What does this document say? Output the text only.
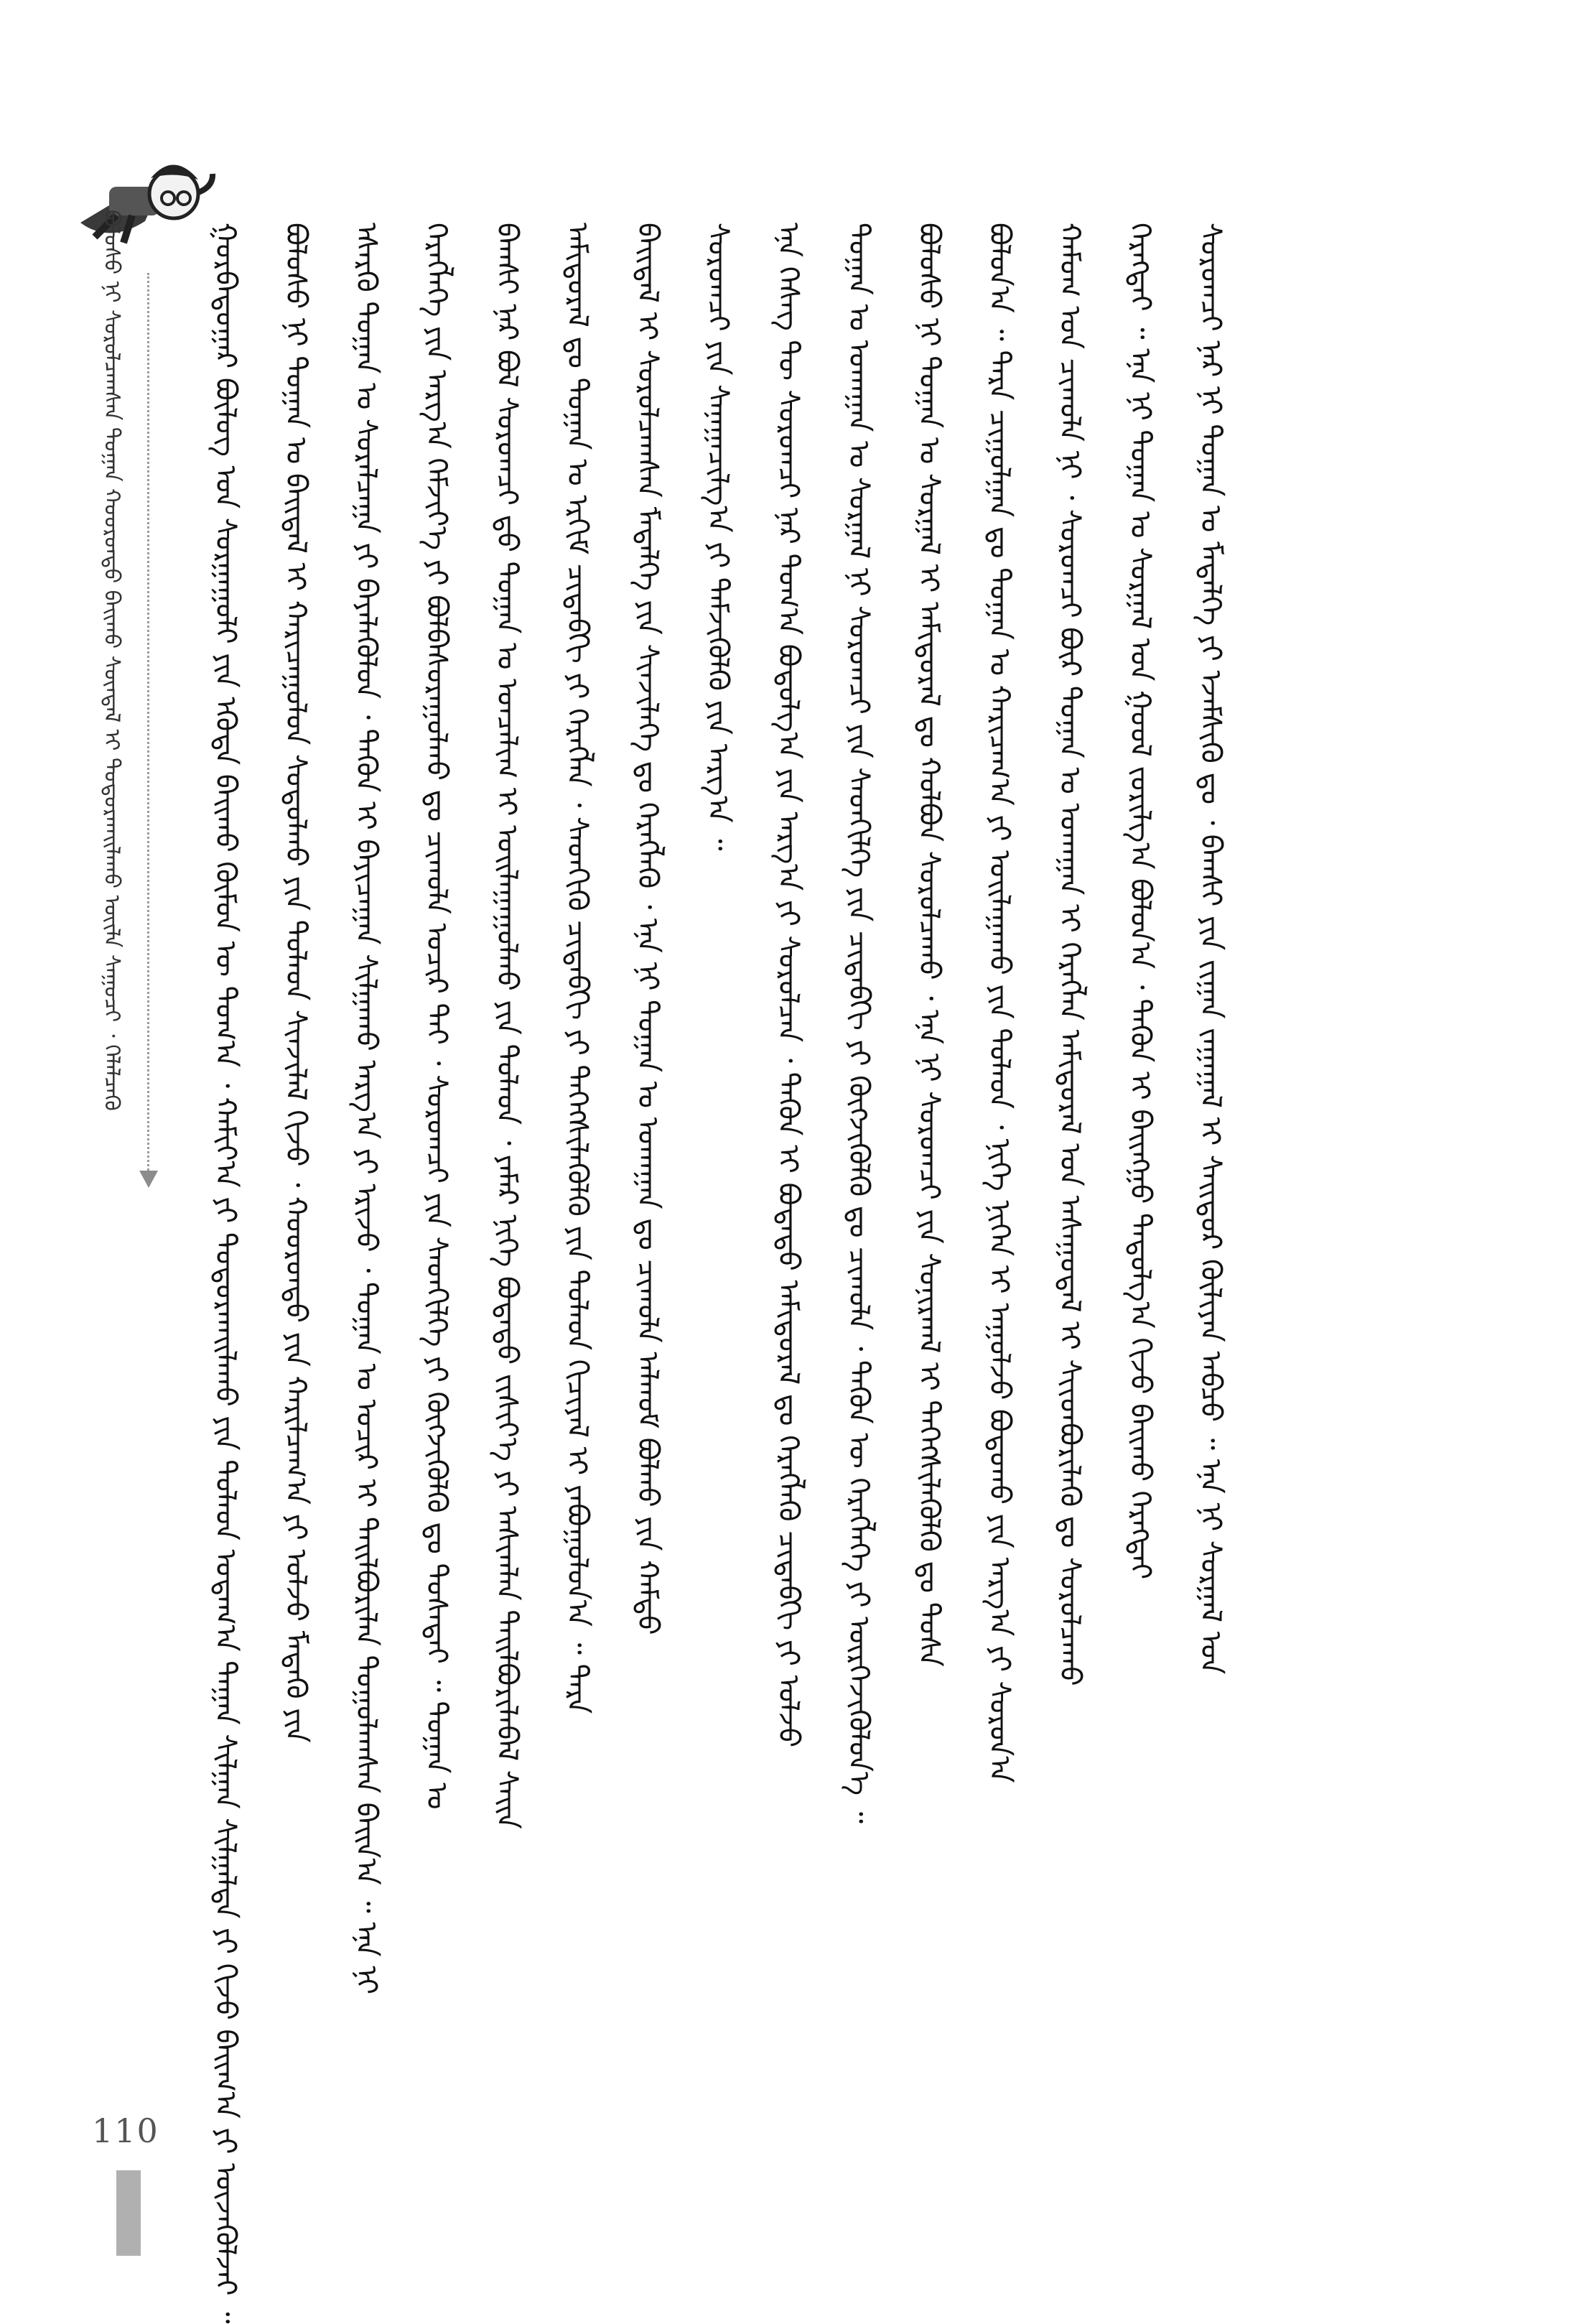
ᠪᠣᠯᠣᠰᠤ ᠨᠢ ᠰᠤᠷᠤᠯᠴᠠᠭᠰᠠᠨ ᠲᠣᠭᠠᠨ ᠬᠣᠣᠷᠣᠨᠳᠣ ᠪᠠᠢᠬᠤ ᠰᠦᠨᠳᠡᠯ ᠢ ᠲᠣᠳᠣᠷᠬᠠᠢᠯᠠᠬᠤ ᠦᠢᠯᠡ ᠰᠠᠭᠤᠴᠢ ᠂ ᠬᠡᠯᠡᠯᠴᠡᠬᠦ	ᠭᠤᠷᠪᠠᠳᠤᠭᠠᠷ ᠪᠦᠯᠦᠭ ᠤᠨ ᠰᠤᠷᠭᠠᠭᠤᠯᠢ ᠶᠢᠨ ᠡᠭᠦᠳᠡ ᠪᠠᠢᠬᠤ ᠬᠦᠮᠦᠨ ᠦ ᠲᠣᠭ᠎ᠠ ᠂ ᠬᠠᠮᠢᠶ᠎ᠠ ᠶᠢ ᠲᠣᠳᠣᠷᠬᠠᠢᠯᠠᠬᠤ ᠶᠢᠨ ᠲᠤᠯᠠᠳ ᠤᠳᠠᠭ᠎ᠠ ᠲᠠᠭᠠᠨ ᠰᠢᠯᠭᠠᠨ ᠰᠢᠯᠭᠠᠯᠲᠠ ᠶᠢ ᠬᠢᠵᠦ ᠪᠠᠢᠭ᠎ᠠ ᠶᠢ ᠦᠵᠡᠭᠦᠯᠵᠡᠢ ᠃ ᠪᠣᠯᠣᠰᠤ ᠨᠢ ᠲᠣᠭᠠᠨ ᠤ ᠪᠠᠢᠳᠠᠯ ᠢ ᠬᠠᠷᠢᠴᠠᠭᠤᠯᠤᠨ ᠰᠤᠳᠤᠯᠬᠤ ᠶᠢᠨ ᠲᠤᠯᠠᠳ ᠰᠢᠨᠵᠢᠯᠡᠯ ᠬᠢᠵᠦ ᠂ ᠬᠣᠣᠷᠣᠨᠳᠣ ᠶᠢᠨ ᠬᠠᠷᠢᠯᠴᠠᠭ᠎ᠠ ᠶᠢ ᠣᠯᠵᠤ ᠮᠡᠳᠡᠬᠦ ᠶᠢᠨ ᠡᠰᠡᠷᠭᠦ ᠲᠣᠭᠠᠨ ᠤ ᠰᠤᠷᠠᠯᠴᠠᠭᠠ ᠶᠢ ᠪᠡᠶᠡᠯᠡᠭᠦᠯᠦᠨ ᠂ ᠲᠡᠭᠦᠨ ᠢ ᠪᠠᠶᠢᠴᠠᠭᠠᠨ ᠰᠢᠯᠭᠠᠬᠤ ᠠᠷᠭ᠎ᠠ ᠶᠢ ᠡᠷᠢᠵᠦ ᠂ ᠲᠣᠭᠠᠨ ᠤ ᠤᠴᠢᠷ ᠢ ᠲᠠᠢᠯᠪᠤᠷᠢᠯᠠᠨ ᠳᠤᠭᠤᠯᠠᠭᠰᠠᠨ ᠪᠠᠢᠨ᠎ᠠ ᠃ ᠡᠨᠡ ᠨᠢ ᠬᠡᠷᠡᠭᠯᠡᠭᠡ ᠶᠢᠨ ᠠᠷᠭ᠎ᠠ ᠬᠡᠮᠵᠢᠶ᠎ᠡ ᠶᠢ ᠪᠣᠯᠪᠠᠰᠤᠷᠠᠭᠤᠯᠬᠤ ᠳᠤ ᠴᠢᠬᠤᠯᠠ ᠤᠴᠢᠷ ᠲᠠᠢ ᠂ ᠰᠤᠷᠤᠭᠴᠢ ᠶᠢᠨ ᠰᠡᠳᠬᠢᠯᠭᠡ ᠶᠢ ᠬᠥᠭᠵᠢᠭᠦᠯᠬᠦ ᠳᠤ ᠲᠤᠰᠠᠲᠠᠢ ᠃ ᠲᠣᠭᠠᠨ ᠤ ᠪᠠᠭᠰᠢ ᠨᠠᠷ ᠪᠣᠯ ᠰᠤᠷᠤᠭᠴᠢ ᠳ᠋ᠤ ᠲᠣᠭᠠᠨ ᠤ ᠣᠨᠴᠠᠯᠢᠭ ᠢ ᠣᠢᠯᠠᠭᠠᠭᠤᠯᠬᠤ ᠶᠢᠨ ᠲᠤᠯᠠᠳ ᠂ ᠶᠠᠮᠠᠷ ᠨᠢᠭᠡ ᠪᠣᠳᠠᠲᠤ ᠵᠢᠱᠢᠶ᠎ᠡ ᠶᠢ ᠠᠰᠢᠭᠯᠠᠨ ᠲᠠᠢᠯᠪᠤᠷᠢᠯᠠᠪᠠᠯ ᠰᠠᠢᠨ ᠠᠮᠢᠳᠤᠷᠠᠯ ᠳᠤ ᠲᠣᠭᠠᠨ ᠤ ᠡᠷᠬᠢᠮ ᠴᠢᠳᠠᠪᠬᠢ ᠶᠢ ᠬᠡᠷᠡᠭᠯᠡᠨ ᠂ ᠰᠡᠳᠬᠢᠬᠦ ᠴᠢᠳᠠᠪᠬᠢ ᠶᠢ ᠳᠡᠭᠡᠭᠰᠢᠯᠡᠭᠦᠯᠬᠦ ᠶᠢᠨ ᠲᠤᠯᠠᠳ ᠬᠢᠴᠢᠶᠡᠯ ᠢ ᠶᠠᠪᠤᠭᠤᠯᠤᠨ᠎ᠠ ᠃ ᠲᠡᠷᠡ ᠪᠠᠢᠳᠠᠯ ᠢ ᠰᠤᠷᠤᠯᠴᠠᠭᠰᠠᠨ ᠮᠡᠳᠡᠯᠭᠡ ᠶᠢᠨ ᠰᠢᠨᠵᠢᠯᠡᠭᠡ ᠳᠤ ᠬᠡᠷᠡᠭᠯᠡᠬᠦ ᠂ ᠡᠨᠡ ᠨᠢ ᠲᠣᠭᠠᠨ ᠤ ᠤᠬᠠᠭᠠᠨ ᠳᠤ ᠴᠢᠬᠤᠯᠠ ᠠᠯᠬᠤᠮ ᠪᠣᠯᠬᠤ ᠶᠢᠨ ᠬᠠᠮᠲᠤ ᠰᠤᠷᠤᠭᠴᠢ ᠶᠢᠨ ᠰᠠᠨᠠᠭᠠᠴᠢᠯᠭ᠎ᠠ ᠶᠢ ᠳᠡᠮᠵᠢᠭᠦᠯᠬᠦ ᠶᠢᠨ ᠠᠷᠭ᠎ᠠ ᠃ ᠡᠨᠡ ᠬᠡᠰᠡᠭ ᠲᠦ ᠰᠤᠷᠤᠭᠴᠢ ᠨᠠᠷ ᠲᠣᠭ᠎ᠠ ᠪᠣᠳᠤᠯᠭ᠎ᠠ ᠶᠢᠨ ᠠᠷᠭ᠎ᠠ ᠶᠢ ᠰᠤᠷᠤᠯᠴᠠᠨ ᠂ ᠲᠡᠭᠦᠨ ᠢ ᠪᠣᠳᠠᠲᠤ ᠠᠮᠢᠳᠤᠷᠠᠯ ᠳᠤ ᠬᠡᠷᠡᠭᠯᠡᠬᠦ ᠴᠢᠳᠠᠪᠬᠢ ᠶᠢ ᠣᠯᠵᠤ ᠲᠣᠭᠠᠨ ᠤ ᠤᠬᠠᠭᠠᠨ ᠤ ᠰᠤᠷᠭᠠᠯ ᠨᠢ ᠰᠤᠷᠤᠭᠴᠢ ᠶᠢᠨ ᠰᠡᠳᠬᠢᠯᠭᠡ ᠶᠢᠨ ᠴᠢᠳᠠᠪᠬᠢ ᠶᠢ ᠬᠥᠭᠵᠢᠭᠦᠯᠬᠦ ᠳᠤ ᠴᠢᠬᠤᠯᠠ ᠂ ᠲᠡᠭᠦᠨ ᠦ ᠬᠡᠷᠡᠭᠯᠡᠭᠡ ᠶᠢ ᠥᠷᠭᠡᠵᠢᠭᠦᠯᠦᠨ᠎ᠡ ᠃ ᠪᠣᠯᠣᠰᠤ ᠨᠢ ᠲᠣᠭᠠᠨ ᠤ ᠰᠤᠷᠭᠠᠯ ᠢ ᠠᠮᠢᠳᠤᠷᠠᠯ ᠳᠤ ᠬᠣᠯᠪᠣᠨ ᠰᠤᠷᠤᠯᠴᠠᠬᠤ ᠂ ᠡᠨᠡ ᠨᠢ ᠰᠤᠷᠤᠭᠴᠢ ᠶᠢᠨ ᠰᠣᠨᠢᠷᠬᠠᠯ ᠢ ᠳᠡᠭᠡᠭᠰᠢᠯᠡᠭᠦᠯᠬᠦ ᠳᠤ ᠲᠤᠰᠠ ᠪᠣᠯᠣᠨ᠎ᠠ ᠃ ᠲᠡᠷᠡ ᠴᠢᠭᠤᠯᠭᠠᠨ ᠳᠤ ᠲᠣᠭᠠᠨ ᠤ ᠬᠠᠷᠢᠴᠠᠭ᠎ᠠ ᠶᠢ ᠣᠢᠯᠠᠭᠠᠬᠤ ᠶᠢᠨ ᠲᠤᠯᠠᠳ ᠂ ᠨᠢᠭᠡ ᠨᠢᠭᠡᠨ ᠢ ᠠᠭᠤᠯᠵᠤ ᠪᠣᠳᠤᠬᠤ ᠶᠢᠨ ᠠᠷᠭ᠎ᠠ ᠶᠢ ᠰᠤᠷᠤᠨ᠎ᠠ ᠬᠠᠮᠤᠭ ᠤᠨ ᠴᠢᠬᠤᠯᠠ ᠨᠢ ᠂ ᠰᠤᠷᠤᠭᠴᠢ ᠪᠦᠷ ᠲᠣᠭᠠᠨ ᠤ ᠤᠬᠠᠭᠠᠨ ᠢ ᠬᠡᠷᠡᠭᠯᠡᠨ ᠠᠮᠢᠳᠤᠷᠠᠯ ᠤᠨ ᠠᠰᠠᠭᠤᠳᠠᠯ ᠢ ᠰᠢᠢᠳᠪᠦᠷᠢᠯᠡᠬᠦ ᠳᠤ ᠰᠤᠷᠤᠯᠴᠠᠬᠤ ᠬᠡᠷᠡᠭᠲᠡᠢ ᠃ ᠡᠨᠡ ᠨᠢ ᠲᠣᠭᠠᠨ ᠤ ᠰᠤᠷᠭᠠᠯ ᠤᠨ ᠭᠣᠣᠯ ᠵᠣᠷᠢᠯᠭ᠎ᠠ ᠪᠣᠯᠣᠨ᠎ᠠ ᠂ ᠲᠡᠭᠦᠨ ᠢ ᠪᠠᠢᠩᠭᠤ ᠳᠠᠳᠤᠯᠭ᠎ᠠ ᠬᠢᠵᠦ ᠪᠠᠢᠬᠤ ᠬᠡᠷᠡᠭᠲᠡᠢ ᠰᠤᠷᠤᠭᠴᠢ ᠨᠠᠷ ᠨᠢ ᠲᠣᠭᠠᠨ ᠤ ᠮᠡᠳᠡᠯᠭᠡ ᠶᠢ ᠡᠵᠡᠮᠰᠢᠬᠦ ᠳᠤ ᠂ ᠪᠠᠭᠰᠢ ᠶᠢᠨ ᠵᠢᠭᠠᠨ ᠵᠠᠭᠠᠭᠠᠯ ᠢ ᠰᠠᠢᠲᠤᠷ ᠬᠦᠯᠢᠶᠡᠨ ᠠᠪᠴᠤ ᠃ ᠡᠨᠡ ᠨᠢ ᠰᠤᠷᠭᠠᠯ ᠤᠨ
110
